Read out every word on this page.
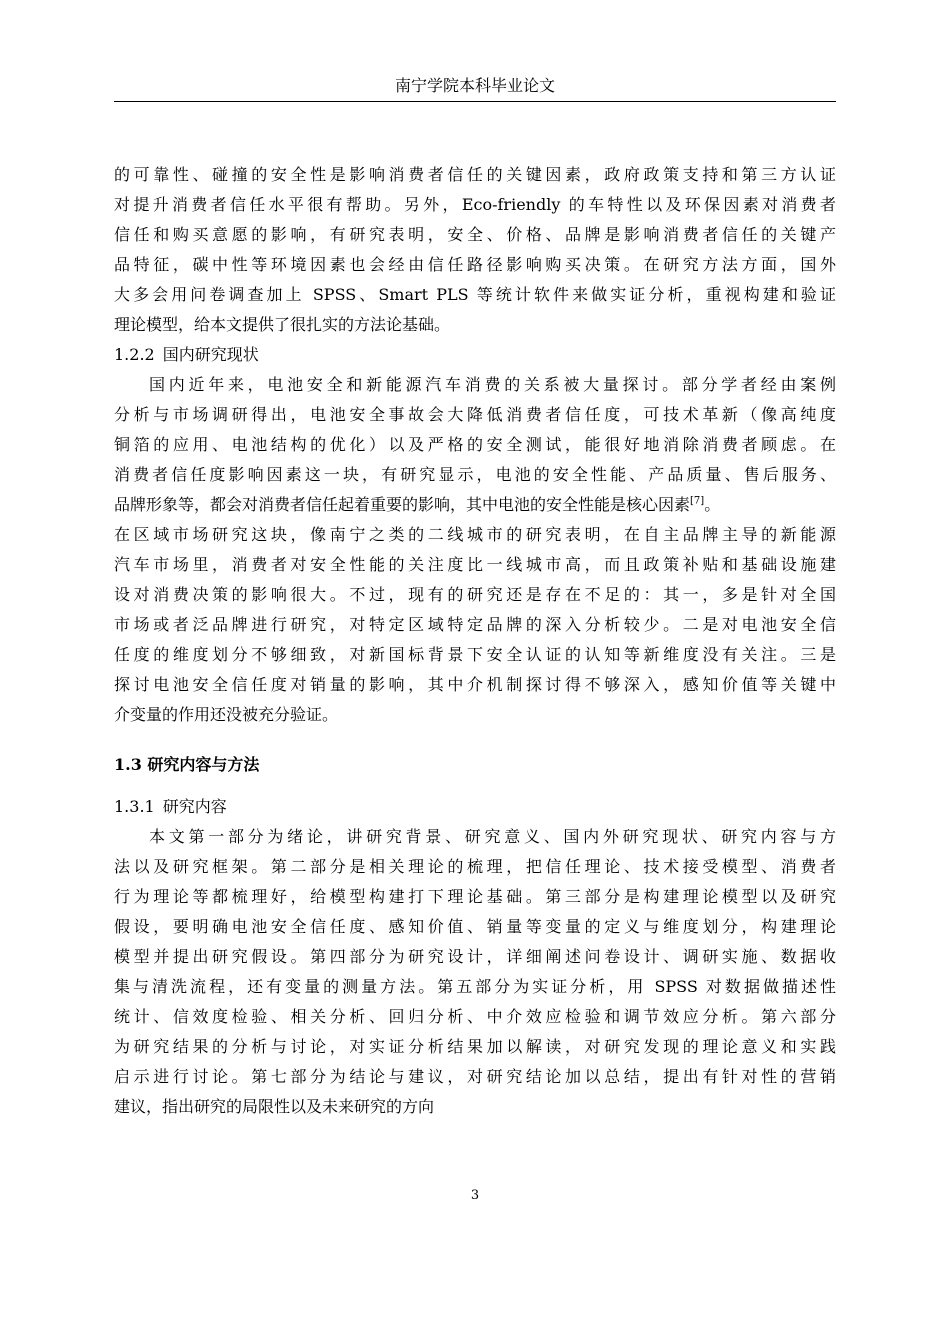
南宁学院本科毕业论文
的可靠性、碰撞的安全性是影响消费者信任的关键因素，政府政策支持和第三方认证
对提升消费者信任水平很有帮助。另外，Eco-friendly 的车特性以及环保因素对消费者
信任和购买意愿的影响，有研究表明，安全、价格、品牌是影响消费者信任的关键产
品特征，碳中性等环境因素也会经由信任路径影响购买决策。在研究方法方面，国外
大多会用问卷调查加上 SPSS、Smart PLS 等统计软件来做实证分析，重视构建和验证
理论模型，给本文提供了很扎实的方法论基础。
1.2.2 国内研究现状
国内近年来，电池安全和新能源汽车消费的关系被大量探讨。部分学者经由案例
分析与市场调研得出，电池安全事故会大降低消费者信任度，可技术革新（像高纯度
铜箔的应用、电池结构的优化）以及严格的安全测试，能很好地消除消费者顾虑。在
消费者信任度影响因素这一块，有研究显示，电池的安全性能、产品质量、售后服务、
品牌形象等，都会对消费者信任起着重要的影响，其中电池的安全性能是核心因素[7]。
在区域市场研究这块，像南宁之类的二线城市的研究表明，在自主品牌主导的新能源
汽车市场里，消费者对安全性能的关注度比一线城市高，而且政策补贴和基础设施建
设对消费决策的影响很大。不过，现有的研究还是存在不足的：其一，多是针对全国
市场或者泛品牌进行研究，对特定区域特定品牌的深入分析较少。二是对电池安全信
任度的维度划分不够细致，对新国标背景下安全认证的认知等新维度没有关注。三是
探讨电池安全信任度对销量的影响，其中介机制探讨得不够深入，感知价值等关键中
介变量的作用还没被充分验证。
1.3 研究内容与方法
1.3.1 研究内容
本文第一部分为绪论，讲研究背景、研究意义、国内外研究现状、研究内容与方
法以及研究框架。第二部分是相关理论的梳理，把信任理论、技术接受模型、消费者
行为理论等都梳理好，给模型构建打下理论基础。第三部分是构建理论模型以及研究
假设，要明确电池安全信任度、感知价值、销量等变量的定义与维度划分，构建理论
模型并提出研究假设。第四部分为研究设计，详细阐述问卷设计、调研实施、数据收
集与清洗流程，还有变量的测量方法。第五部分为实证分析，用 SPSS 对数据做描述性
统计、信效度检验、相关分析、回归分析、中介效应检验和调节效应分析。第六部分
为研究结果的分析与讨论，对实证分析结果加以解读，对研究发现的理论意义和实践
启示进行讨论。第七部分为结论与建议，对研究结论加以总结，提出有针对性的营销
建议，指出研究的局限性以及未来研究的方向
3
